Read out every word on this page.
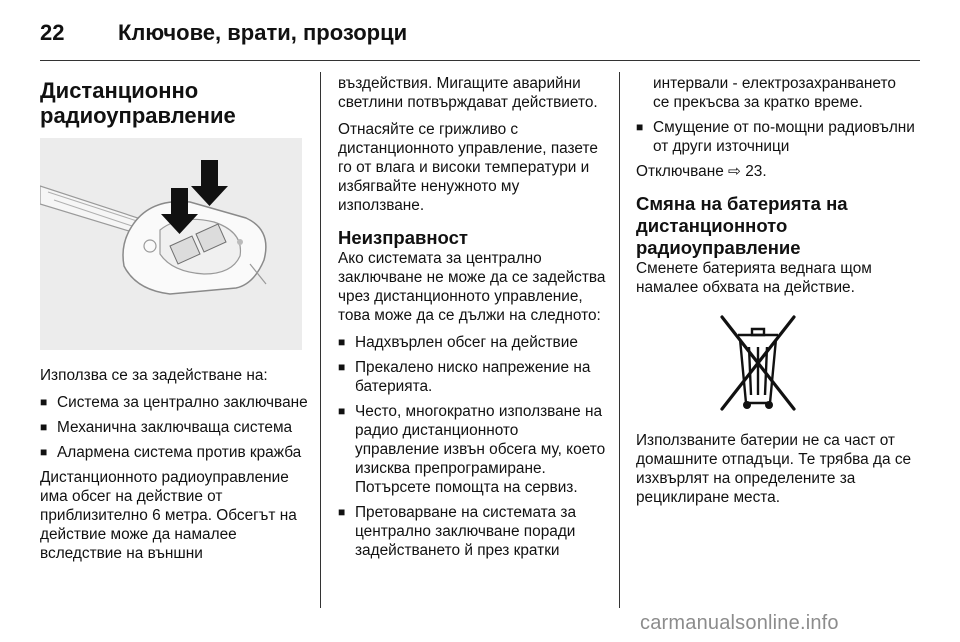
22 Ключове, врати, прозорци
Дистанционно радиоуправление

Използва се за задействане на:

■ Система за централно заключване
■ Механична заключваща система
■ Алармена система против кражба

Дистанционното радиоуправление има обсег на действие от приблизително 6 метра. Обсегът на действие може да намалее вследствие на външни

въздействия. Мигащите аварийни светлини потвърждават действието.

Отнасяйте се грижливо с дистанционното управление, пазете го от влага и високи температури и избягвайте ненужното му използване.

Неизправност

Ако системата за централно заключване не може да се задейства чрез дистанционното управление, това може да се дължи на следното:

■ Надхвърлен обсег на действие
■ Прекалено ниско напрежение на батерията.
■ Често, многократно използване на радио дистанционното управление извън обсега му, което изисква препрограмиране. Потърсете помощта на сервиз.
■ Претоварване на системата за централно заключване поради задействането й през кратки

интервали - електрозахранването се прекъсва за кратко време.

■ Смущение от по-мощни радиовълни от други източници

Отключване ⇨ 23.

Смяна на батерията на дистанционното радиоуправление

Сменете батерията веднага щом намалее обхвата на действие.

Използваните батерии не са част от домашните отпадъци. Те трябва да се изхвърлят на определените за рециклиране места.

carmanualsonline.info
